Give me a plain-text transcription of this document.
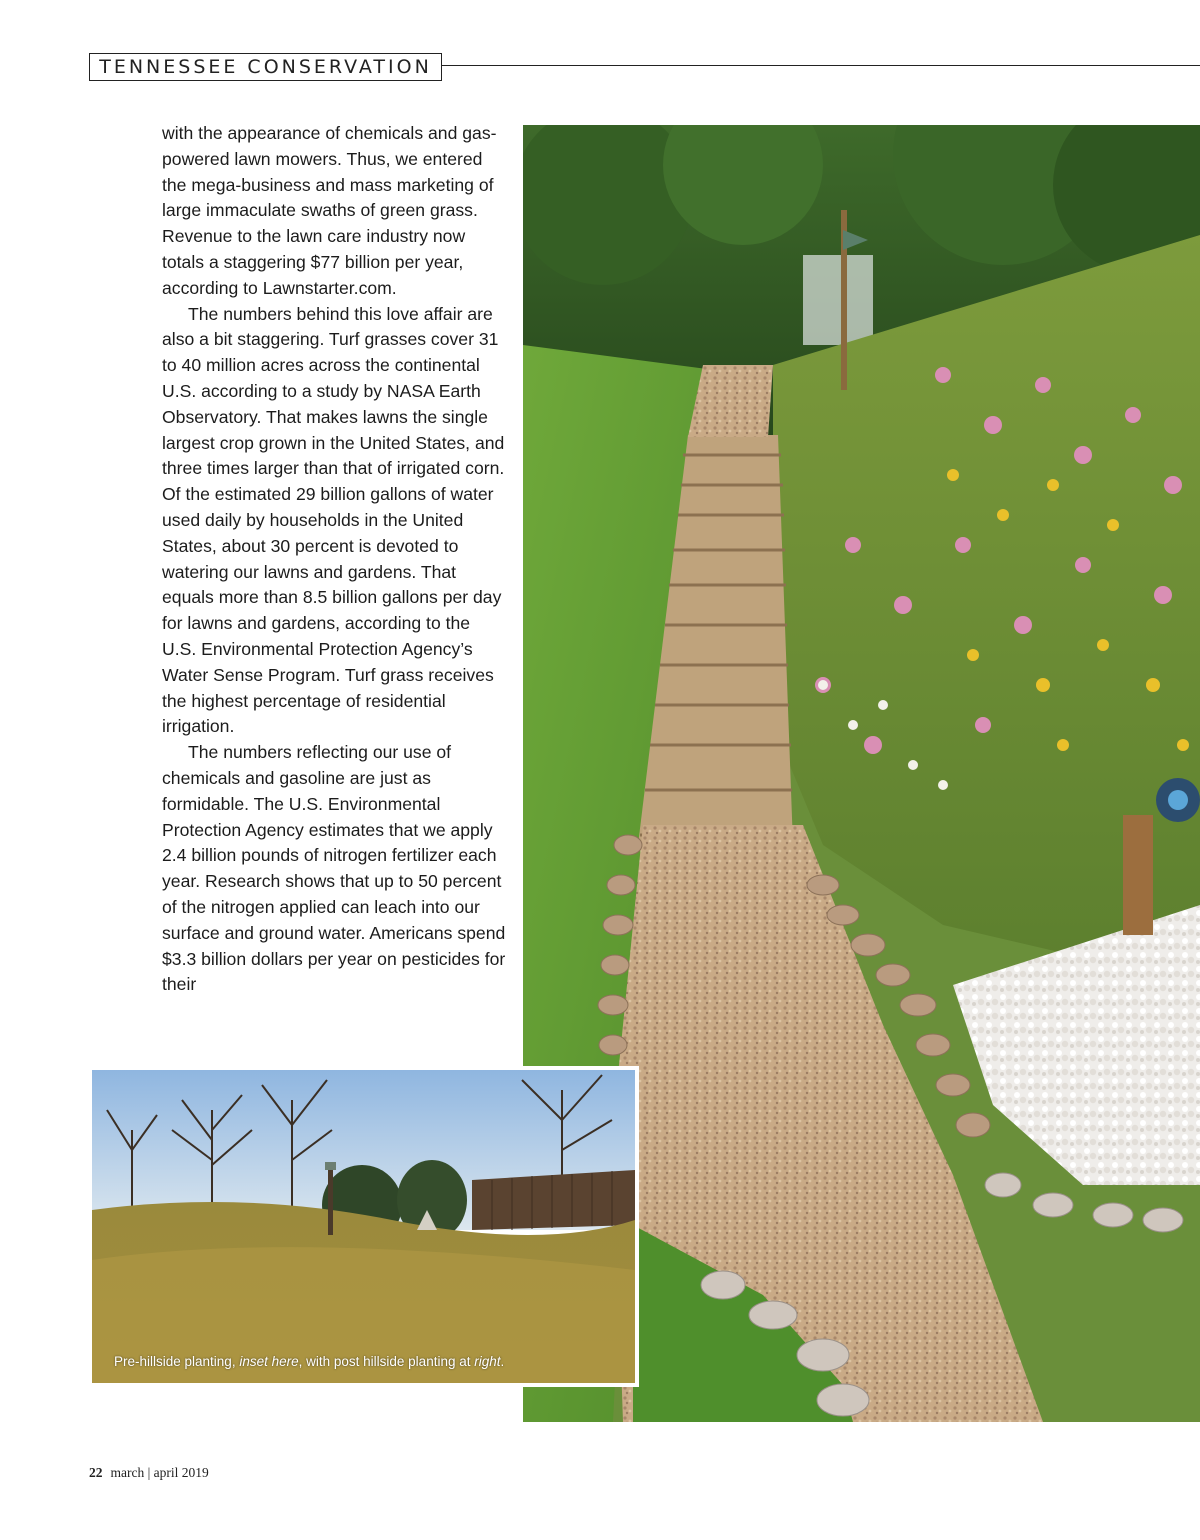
TENNESSEE CONSERVATION

with the appearance of chemicals and gas-powered lawn mowers. Thus, we entered the mega-business and mass marketing of large immaculate swaths of green grass. Revenue to the lawn care industry now totals a staggering $77 billion per year, according to Lawnstarter.com.

The numbers behind this love affair are also a bit staggering. Turf grasses cover 31 to 40 million acres across the continental U.S. according to a study by NASA Earth Observatory. That makes lawns the single largest crop grown in the United States, and three times larger than that of irrigated corn. Of the estimated 29 billion gallons of water used daily by households in the United States, about 30 percent is devoted to watering our lawns and gardens. That equals more than 8.5 billion gallons per day for lawns and gardens, according to the U.S. Environmental Protection Agency’s Water Sense Program. Turf grass receives the highest percentage of residential irrigation.

The numbers reflecting our use of chemicals and gasoline are just as formidable. The U.S. Environmental Protection Agency estimates that we apply 2.4 billion pounds of nitrogen fertilizer each year. Research shows that up to 50 percent of the nitrogen applied can leach into our surface and ground water. Americans spend $3.3 billion dollars per year on pesticides for their

Pre-hillside planting, inset here, with post hillside planting at right.
22 march | april 2019
